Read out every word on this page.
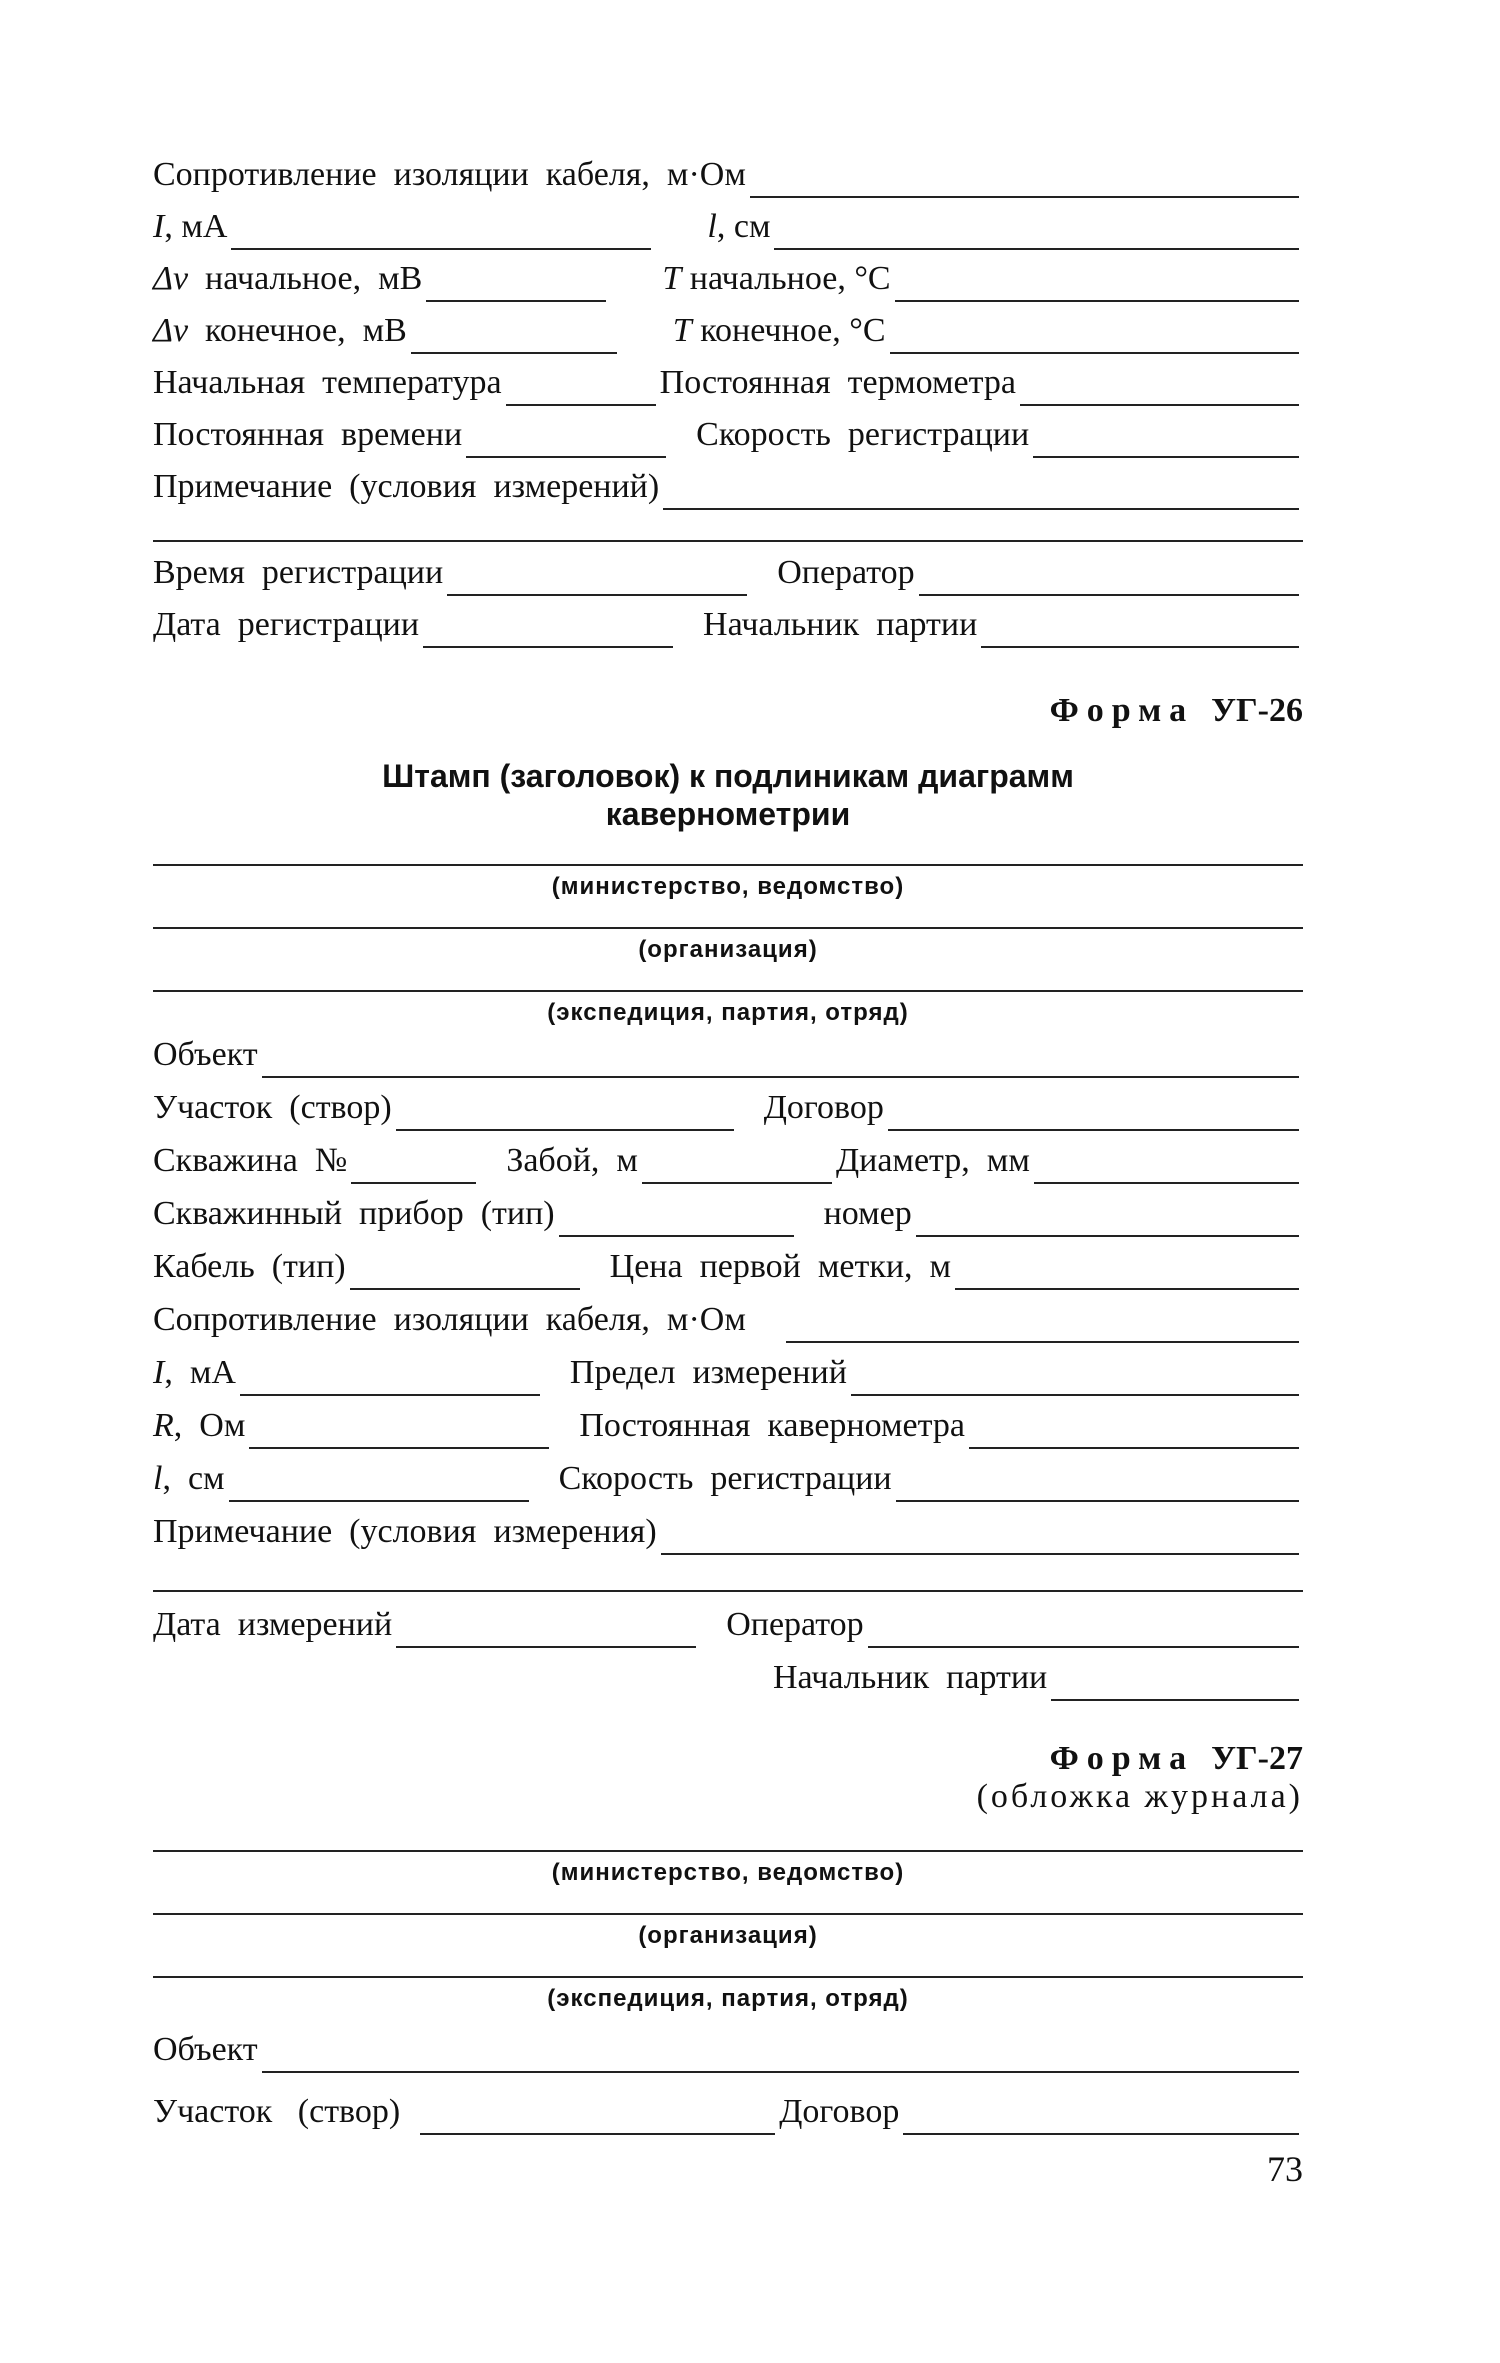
Сопротивление  изоляции  кабеля,  м·Ом
I, мА	l, см
Δv  начальное,  мВ	T начальное, °С
Δv  конечное,  мВ	T конечное, °С
Начальная  температура	Постоянная  термометра
Постоянная  времени	Скорость  регистрации
Примечание  (условия  измерений)
Время  регистрации	Оператор
Дата  регистрации	Начальник  партии
Форма УГ-26
Штамп (заголовок) к подлиникам диаграмм
кавернометрии
(министерство, ведомство)
(организация)
(экспедиция, партия, отряд)
Объект
Участок  (створ)	Договор
Скважина  №	Забой,  м	Диаметр,  мм
Скважинный  прибор  (тип)	номер
Кабель  (тип)	Цена  первой  метки,  м
Сопротивление  изоляции  кабеля,  м·Ом
I,  мА	Предел  измерений
R,  Ом	Постоянная  кавернометра
l,  см	Скорость  регистрации
Примечание  (условия  измерения)
Дата  измерений	Оператор
Начальник  партии
Форма УГ-27
(обложка журнала)
(министерство, ведомство)
(организация)
(экспедиция, партия, отряд)
Объект
Участок   (створ)	Договор
73
